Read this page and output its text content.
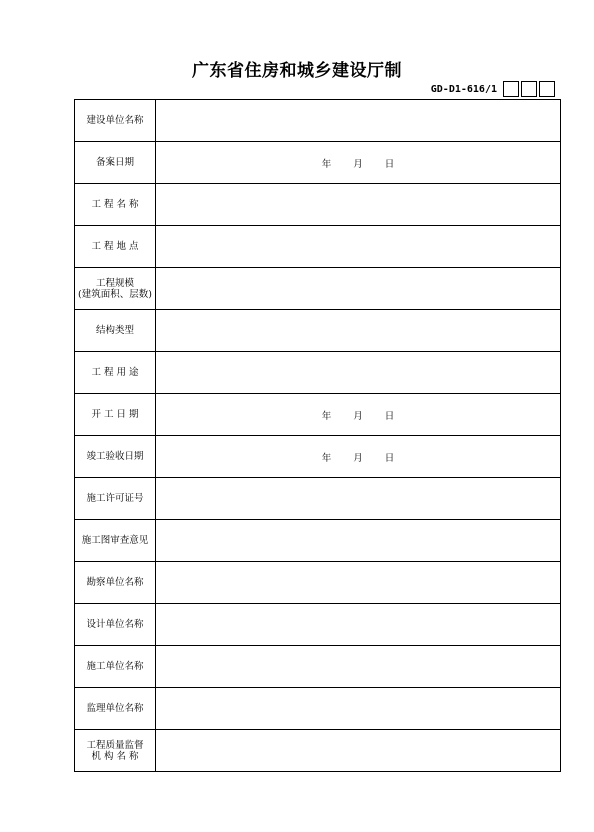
广东省住房和城乡建设厅制
GD-D1-616/1
建设单位名称	
备案日期	年 月 日

工 程 名 称	
工 程 地 点	

工程规模
(建筑面积、层数)	

结构类型	
工 程 用 途	
开 工 日 期	年 月 日

竣工验收日期	年 月 日

施工许可证号	
施工图审查意见	
勘察单位名称	
设计单位名称	
施工单位名称	
监理单位名称	

工程质量监督
机 构 名 称	
